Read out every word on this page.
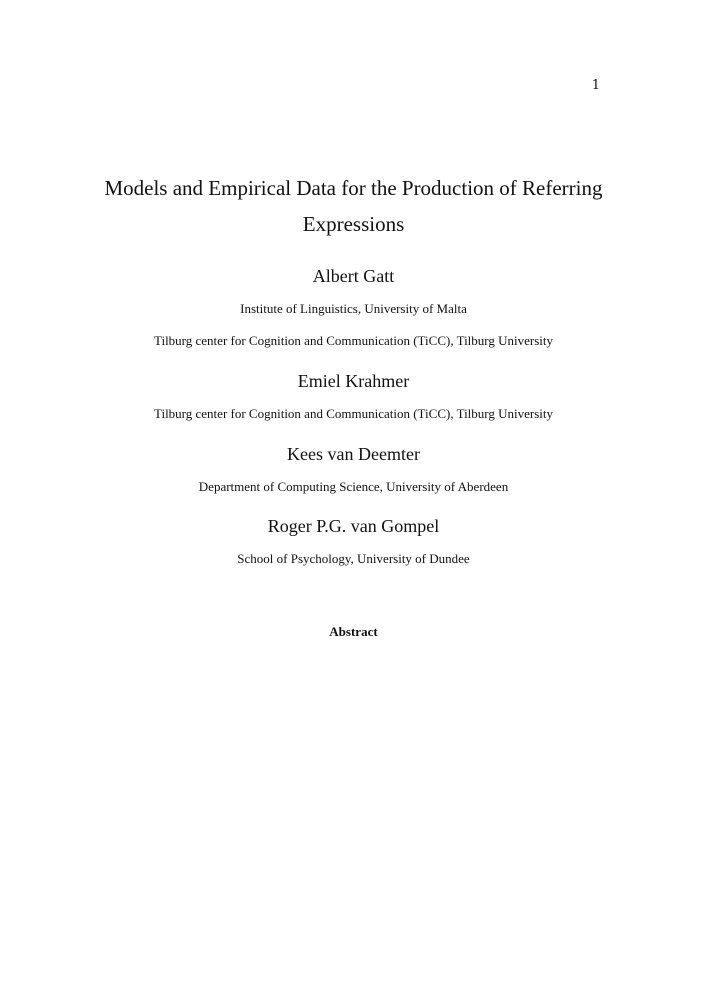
1
Models and Empirical Data for the Production of Referring
Expressions
Albert Gatt
Institute of Linguistics, University of Malta
Tilburg center for Cognition and Communication (TiCC), Tilburg University
Emiel Krahmer
Tilburg center for Cognition and Communication (TiCC), Tilburg University
Kees van Deemter
Department of Computing Science, University of Aberdeen
Roger P.G. van Gompel
School of Psychology, University of Dundee
Abstract
